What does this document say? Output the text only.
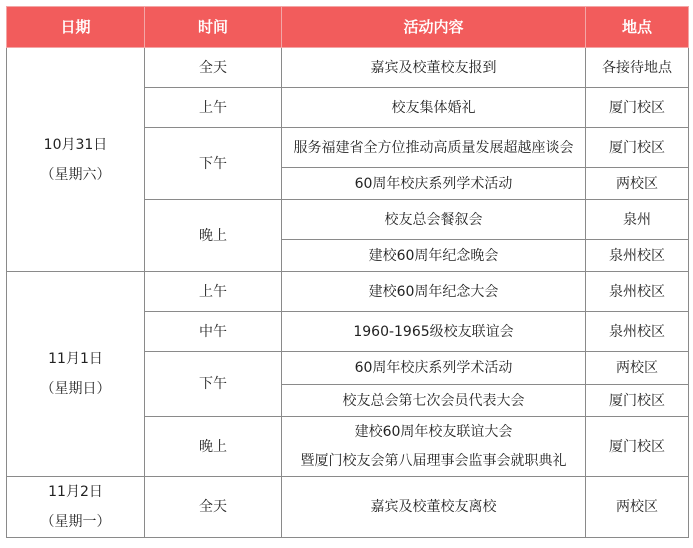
日期	时间	活动内容	地点

10月31日
（星期六）	全天	嘉宾及校董校友报到	各接待地点
	上午	校友集体婚礼	厦门校区
	下午	服务福建省全方位推动高质量发展超越座谈会	厦门校区
		60周年校庆系列学术活动	两校区
	晚上	校友总会餐叙会	泉州
		建校60周年纪念晚会	泉州校区

11月1日
（星期日）	上午	建校60周年纪念大会	泉州校区
	中午	1960-1965级校友联谊会	泉州校区
	下午	60周年校庆系列学术活动	两校区
		校友总会第七次会员代表大会	厦门校区
	晚上	建校60周年校友联谊大会
暨厦门校友会第八届理事会监事会就职典礼	厦门校区

11月2日
（星期一）	全天	嘉宾及校董校友离校	两校区
